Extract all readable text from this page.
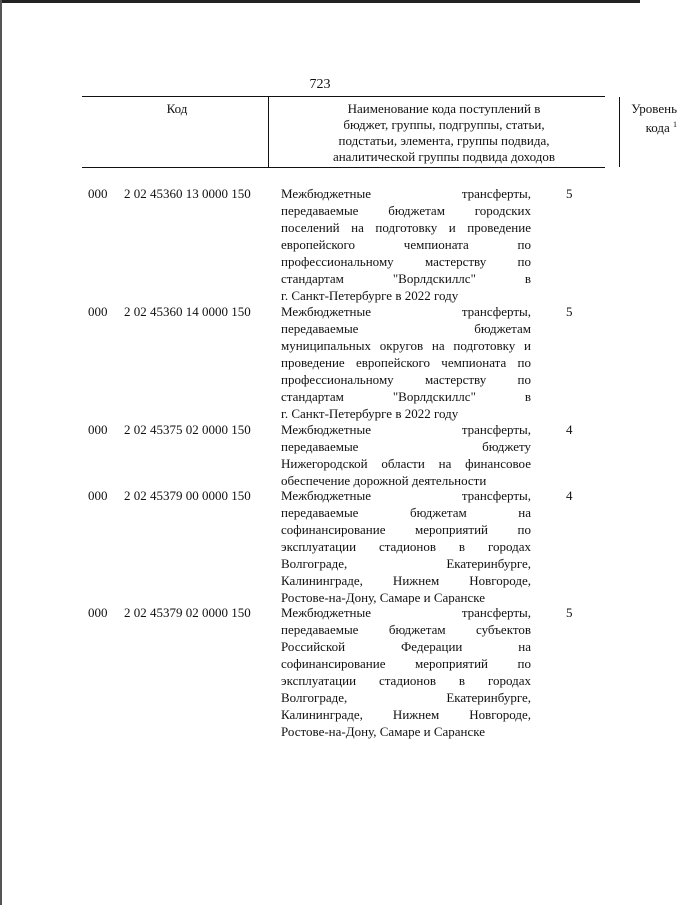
723
Код	Наименование кода поступлений в
бюджет, группы, подгруппы, статьи,
подстатьи, элемента, группы подвида,
аналитической группы подвида доходов
Уровень
кода $^1$
000 2 02 45360 13 0000 150 Межбюджетные трансферты,
передаваемые бюджетам городских
поселений на подготовку и проведение
европейского чемпионата по
профессиональному мастерству по
стандартам "Ворлдскиллс" в
г. Санкт-Петербурге в 2022 году
5
000 2 02 45360 14 0000 150 Межбюджетные трансферты,
передаваемые бюджетам
муниципальных округов на подготовку и
проведение европейского чемпионата по
профессиональному мастерству по
стандартам "Ворлдскиллс" в
г. Санкт-Петербурге в 2022 году
5
000 2 02 45375 02 0000 150 Межбюджетные трансферты,
передаваемые бюджету
Нижегородской области на финансовое
обеспечение дорожной деятельности
4
000 2 02 45379 00 0000 150 Межбюджетные трансферты,
передаваемые бюджетам на
софинансирование мероприятий по
эксплуатации стадионов в городах
Волгограде, Екатеринбурге,
Калининграде, Нижнем Новгороде,
Ростове-на-Дону, Самаре и Саранске
4
000 2 02 45379 02 0000 150 Межбюджетные трансферты,
передаваемые бюджетам субъектов
Российской Федерации на
софинансирование мероприятий по
эксплуатации стадионов в городах
Волгограде, Екатеринбурге,
Калининграде, Нижнем Новгороде,
Ростове-на-Дону, Самаре и Саранске
5
